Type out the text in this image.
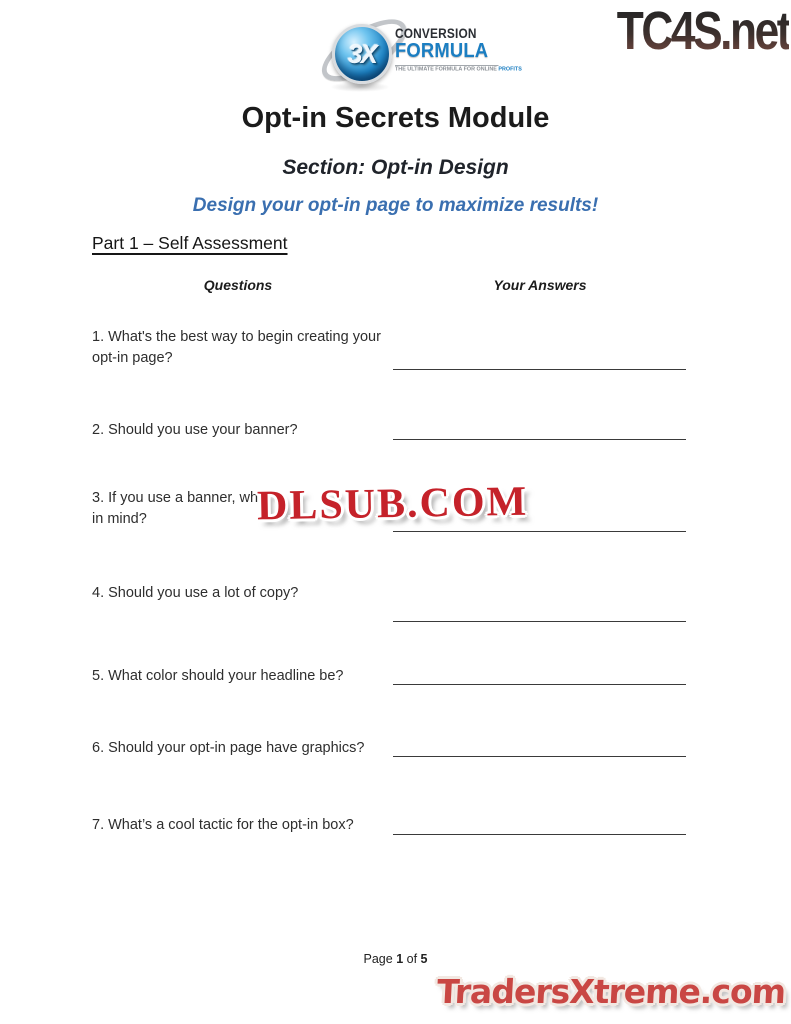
3X
CONVERSION
FORMULA
THE ULTIMATE FORMULA FOR ONLINE PROFITS
TC4S.net
Opt-in Secrets Module
Section: Opt-in Design
Design your opt-in page to maximize results!
Part 1 – Self Assessment
Questions	Your Answers
1. What's the best way to begin creating your opt-in page?
2. Should you use your banner?
3. If you use a banner, wh
in mind?
4. Should you use a lot of copy?
5. What color should your headline be?
6. Should your opt-in page have graphics?
7. What’s a cool tactic for the opt-in box?
DLSUB.COM
Page 1 of 5
TradersXtreme.com
